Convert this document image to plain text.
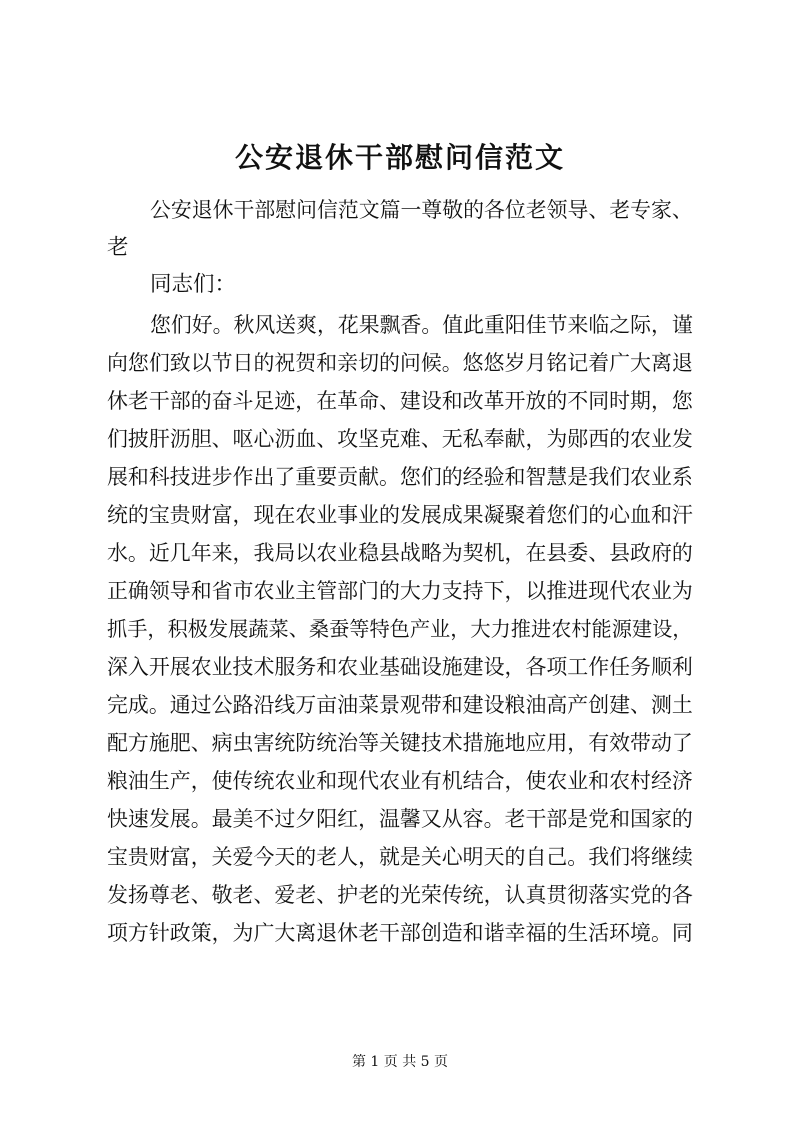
公安退休干部慰问信范文
公安退休干部慰问信范文篇一尊敬的各位老领导、老专家、
老
同志们：
您们好。秋风送爽，花果飘香。值此重阳佳节来临之际，谨
向您们致以节日的祝贺和亲切的问候。悠悠岁月铭记着广大离退
休老干部的奋斗足迹，在革命、建设和改革开放的不同时期，您
们披肝沥胆、呕心沥血、攻坚克难、无私奉献，为郧西的农业发
展和科技进步作出了重要贡献。您们的经验和智慧是我们农业系
统的宝贵财富，现在农业事业的发展成果凝聚着您们的心血和汗
水。近几年来，我局以农业稳县战略为契机，在县委、县政府的
正确领导和省市农业主管部门的大力支持下，以推进现代农业为
抓手，积极发展蔬菜、桑蚕等特色产业，大力推进农村能源建设，
深入开展农业技术服务和农业基础设施建设，各项工作任务顺利
完成。通过公路沿线万亩油菜景观带和建设粮油高产创建、测土
配方施肥、病虫害统防统治等关键技术措施地应用，有效带动了
粮油生产，使传统农业和现代农业有机结合，使农业和农村经济
快速发展。最美不过夕阳红，温馨又从容。老干部是党和国家的
宝贵财富，关爱今天的老人，就是关心明天的自己。我们将继续
发扬尊老、敬老、爱老、护老的光荣传统，认真贯彻落实党的各
项方针政策，为广大离退休老干部创造和谐幸福的生活环境。同
第 1 页 共 5 页
